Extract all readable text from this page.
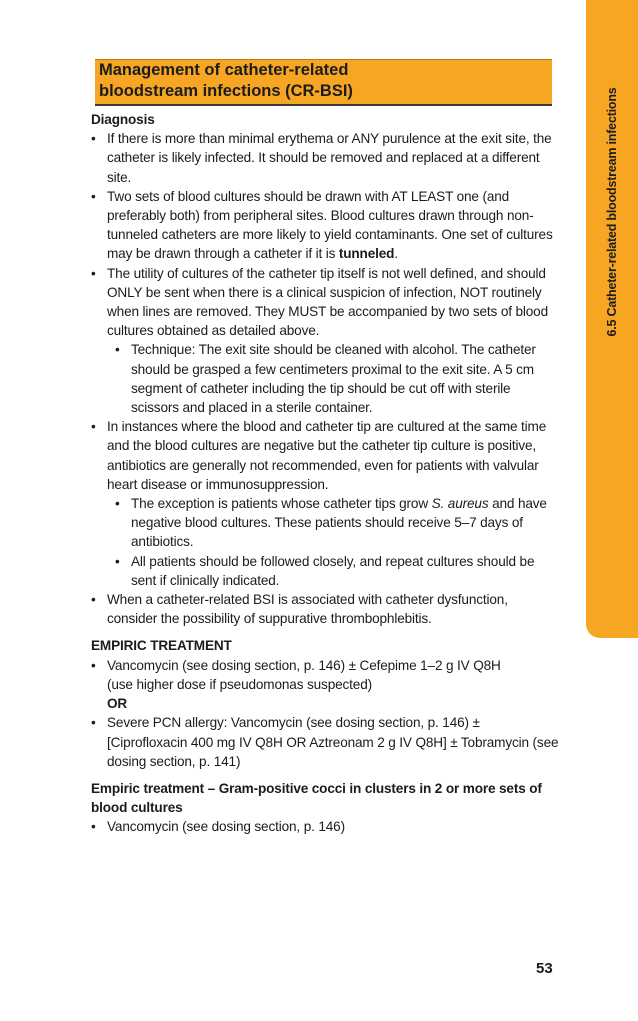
6.5 Catheter-related bloodstream infections
Management of catheter-related
bloodstream infections (CR-BSI)
Diagnosis
• If there is more than minimal erythema or ANY purulence at the exit site, the catheter is likely infected. It should be removed and replaced at a different site.
• Two sets of blood cultures should be drawn with AT LEAST one (and preferably both) from peripheral sites. Blood cultures drawn through non-tunneled catheters are more likely to yield contaminants. One set of cultures may be drawn through a catheter if it is tunneled.
• The utility of cultures of the catheter tip itself is not well defined, and should ONLY be sent when there is a clinical suspicion of infection, NOT routinely when lines are removed. They MUST be accompanied by two sets of blood cultures obtained as detailed above.
• Technique: The exit site should be cleaned with alcohol. The catheter should be grasped a few centimeters proximal to the exit site. A 5 cm segment of catheter including the tip should be cut off with sterile scissors and placed in a sterile container.
• In instances where the blood and catheter tip are cultured at the same time and the blood cultures are negative but the catheter tip culture is positive, antibiotics are generally not recommended, even for patients with valvular heart disease or immunosuppression.
• The exception is patients whose catheter tips grow S. aureus and have negative blood cultures. These patients should receive 5–7 days of antibiotics.
• All patients should be followed closely, and repeat cultures should be sent if clinically indicated.
• When a catheter-related BSI is associated with catheter dysfunction, consider the possibility of suppurative thrombophlebitis.
EMPIRIC TREATMENT
• Vancomycin (see dosing section, p. 146) ± Cefepime 1–2 g IV Q8H
(use higher dose if pseudomonas suspected)
OR
• Severe PCN allergy: Vancomycin (see dosing section, p. 146) ± [Ciprofloxacin 400 mg IV Q8H OR Aztreonam 2 g IV Q8H] ± Tobramycin (see dosing section, p. 141)
Empiric treatment – Gram-positive cocci in clusters in 2 or more sets of blood cultures
• Vancomycin (see dosing section, p. 146)
53
